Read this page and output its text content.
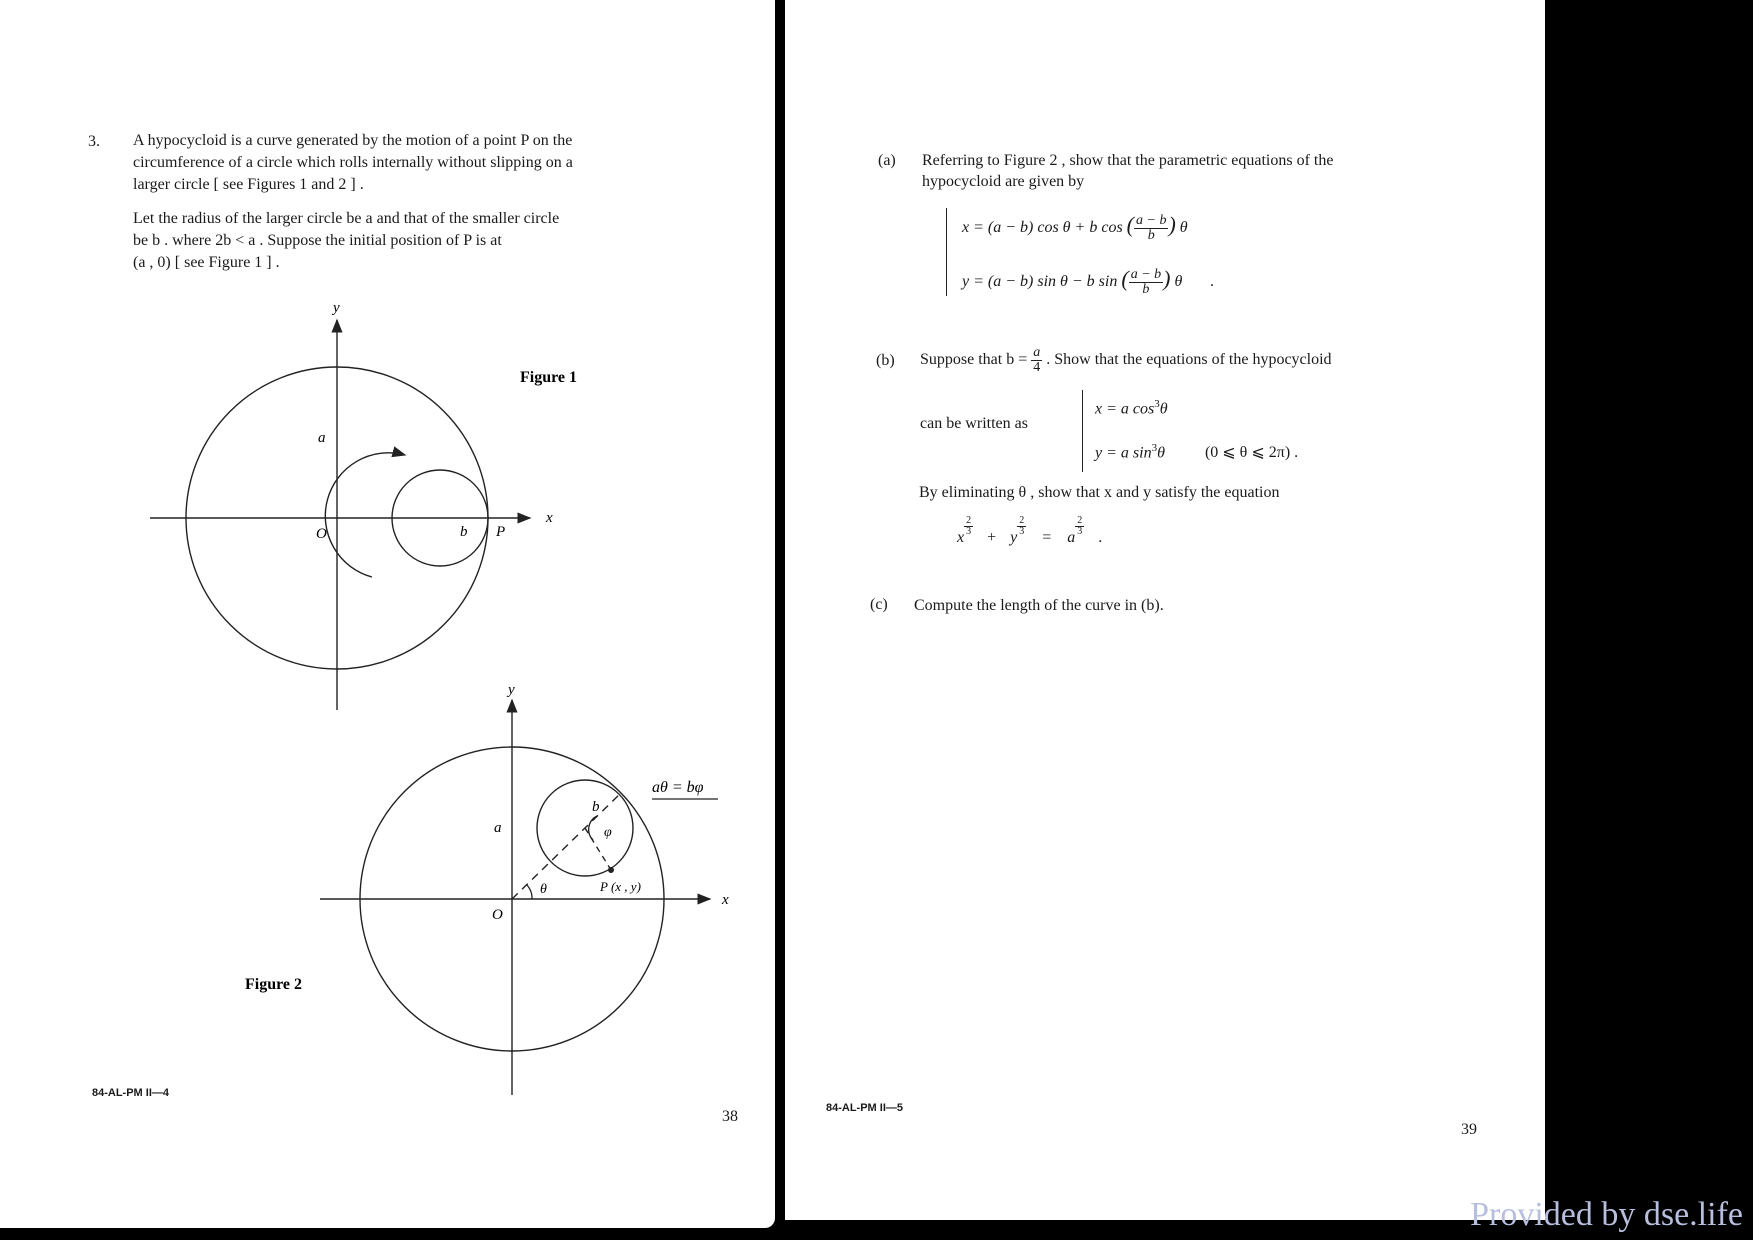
3. A hypocycloid is a curve generated by the motion of a point P on the
circumference of a circle which rolls internally without slipping on a
larger circle [ see Figures 1 and 2 ] .
Let the radius of the larger circle be a and that of the smaller circle
be b . where 2b < a . Suppose the initial position of P is at
(a , 0) [ see Figure 1 ] .
y
x
O
a
b P
Figure 1
y
x
O
a
b
θ
φ
P (x , y)
aθ = bφ
Figure 2
84-AL-PM II—4
38
(a) Referring to Figure 2 , show that the parametric equations of the
hypocycloid are given by
x = (a − b) cos θ + b cos ( $\frac{a - b}{b}$ ) θ
y = (a − b) sin θ − b sin ( $\frac{a - b}{b}$ ) θ .
(b) Suppose that $b = \frac{a}{4}$ . Show that the equations of the hypocycloid
can be written as
x = a $\cos^3\theta$
y = a $\sin^3\theta$	(0 ⩽ θ ⩽ 2π) .
By eliminating θ , show that x and y satisfy the equation
x
$\frac{2}{3}$
+ y
$\frac{2}{3}$
= a
$\frac{2}{3}$
.
(c) Compute the length of the curve in (b).
84-AL-PM II—5
39
Provided by dse.life
